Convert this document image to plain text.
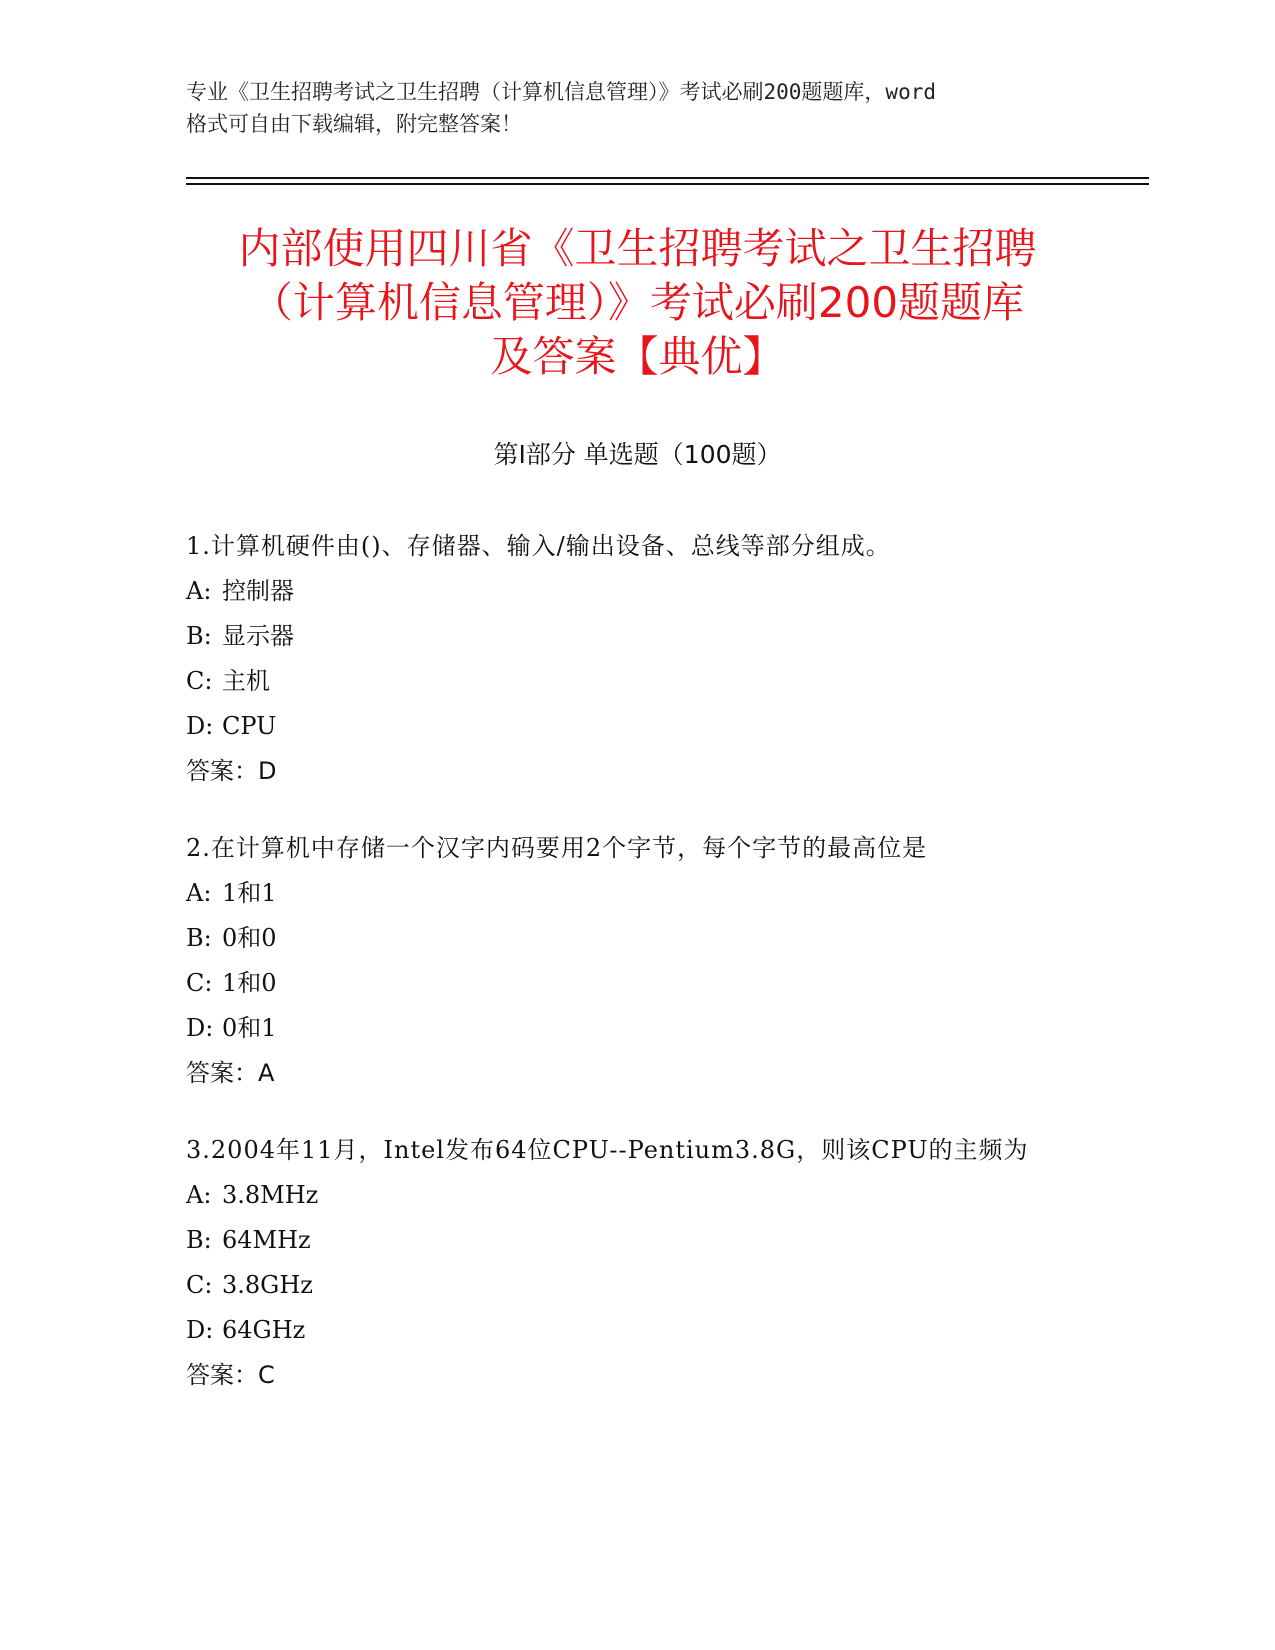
专业《卫生招聘考试之卫生招聘（计算机信息管理）》考试必刷200题题库，word

格式可自由下载编辑，附完整答案！

内部使用四川省《卫生招聘考试之卫生招聘

（计算机信息管理）》考试必刷200题题库

及答案【典优】

第Ⅰ部分 单选题（100题）

1.计算机硬件由()、存储器、输入/输出设备、总线等部分组成。

A: 控制器

B: 显示器

C: 主机

D: CPU

答案：D

2.在计算机中存储一个汉字内码要用2个字节，每个字节的最高位是

A: 1和1

B: 0和0

C: 1和0

D: 0和1

答案：A

3.2004年11月，Intel发布64位CPU--Pentium3.8G，则该CPU的主频为

A: 3.8MHz

B: 64MHz

C: 3.8GHz

D: 64GHz

答案：C
